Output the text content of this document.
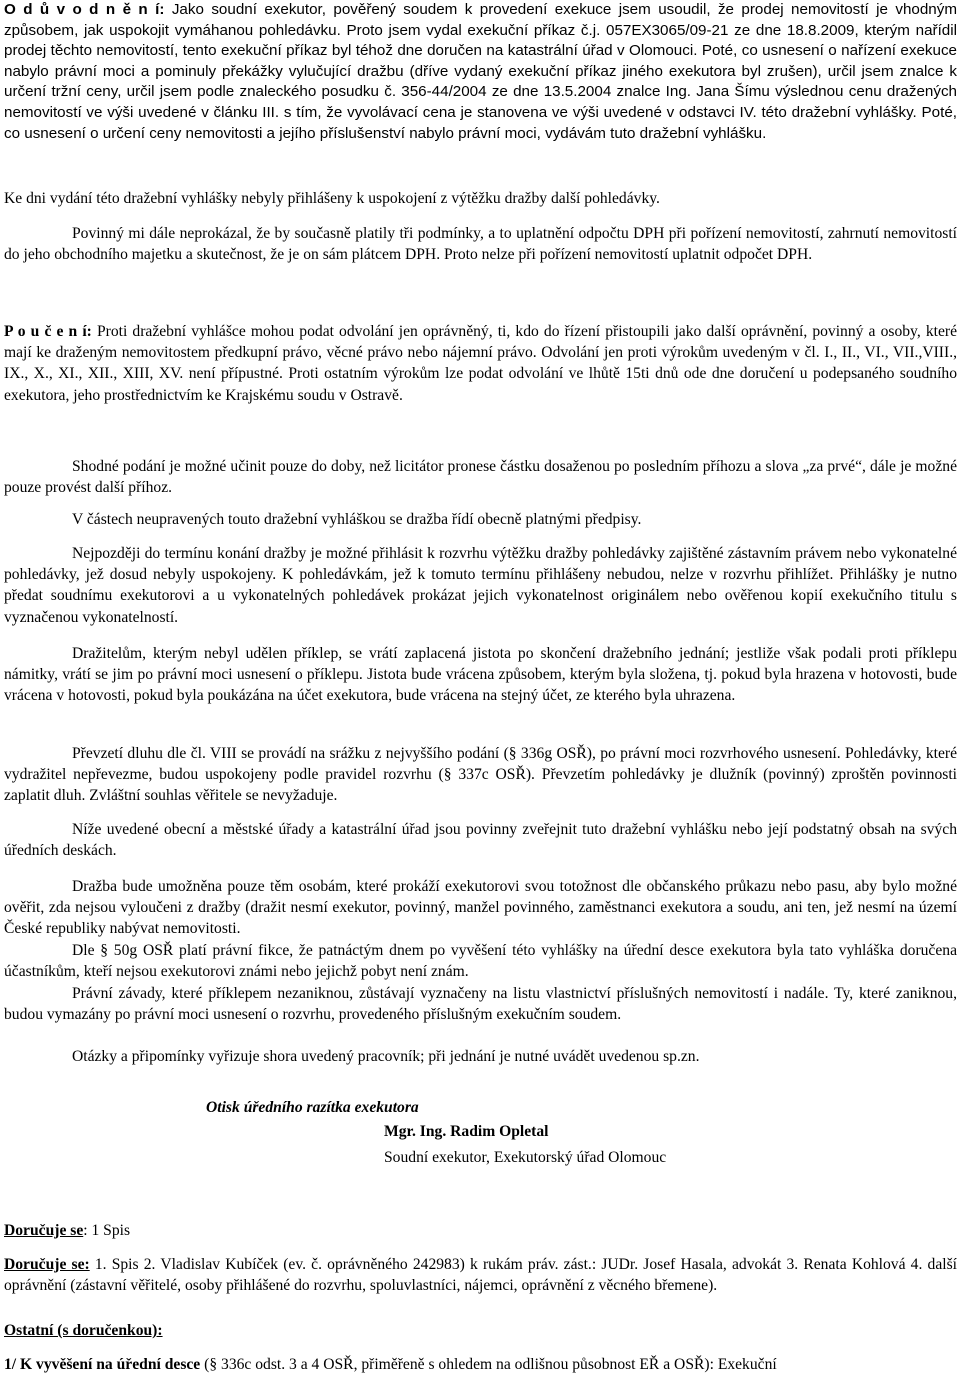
O d ů v o d n ě n í: Jako soudní exekutor, pověřený soudem k provedení exekuce jsem usoudil, že prodej nemovitostí je vhodným způsobem, jak uspokojit vymáhanou pohledávku. Proto jsem vydal exekuční příkaz č.j. 057EX3065/09-21 ze dne 18.8.2009, kterým nařídil prodej těchto nemovitostí, tento exekuční příkaz byl téhož dne doručen na katastrální úřad v Olomouci. Poté, co usnesení o nařízení exekuce nabylo právní moci a pominuly překážky vylučující dražbu (dříve vydaný exekuční příkaz jiného exekutora byl zrušen), určil jsem znalce k určení tržní ceny, určil jsem podle znaleckého posudku č. 356-44/2004 ze dne 13.5.2004 znalce Ing. Jana Šímu výslednou cenu dražených nemovitostí ve výši uvedené v článku III. s tím, že vyvolávací cena je stanovena ve výši uvedené v odstavci IV. této dražební vyhlášky. Poté, co usnesení o určení ceny nemovitosti a jejího příslušenství nabylo právní moci, vydávám tuto dražební vyhlášku.

Ke dni vydání této dražební vyhlášky nebyly přihlášeny k uspokojení z výtěžku dražby další pohledávky.

Povinný mi dále neprokázal, že by současně platily tři podmínky, a to uplatnění odpočtu DPH při pořízení nemovitostí, zahrnutí nemovitostí do jeho obchodního majetku a skutečnost, že je on sám plátcem DPH. Proto nelze při pořízení nemovitostí uplatnit odpočet DPH.

P o u č e n í: Proti dražební vyhlášce mohou podat odvolání jen oprávněný, ti, kdo do řízení přistoupili jako další oprávnění, povinný a osoby, které mají ke draženým nemovitostem předkupní právo, věcné právo nebo nájemní právo. Odvolání jen proti výrokům uvedeným v čl. I., II., VI., VII.,VIII., IX., X., XI., XII., XIII, XV. není přípustné. Proti ostatním výrokům lze podat odvolání ve lhůtě 15ti dnů ode dne doručení u podepsaného soudního exekutora, jeho prostřednictvím ke Krajskému soudu v Ostravě.

Shodné podání je možné učinit pouze do doby, než licitátor pronese částku dosaženou po posledním příhozu a slova „za prvé“, dále je možné pouze provést další příhoz.

V částech neupravených touto dražební vyhláškou se dražba řídí obecně platnými předpisy.

Nejpozději do termínu konání dražby je možné přihlásit k rozvrhu výtěžku dražby pohledávky zajištěné zástavním právem nebo vykonatelné pohledávky, jež dosud nebyly uspokojeny. K pohledávkám, jež k tomuto termínu přihlášeny nebudou, nelze v rozvrhu přihlížet. Přihlášky je nutno předat soudnímu exekutorovi a u vykonatelných pohledávek prokázat jejich vykonatelnost originálem nebo ověřenou kopií exekučního titulu s vyznačenou vykonatelností.

Dražitelům, kterým nebyl udělen příklep, se vrátí zaplacená jistota po skončení dražebního jednání; jestliže však podali proti příklepu námitky, vrátí se jim po právní moci usnesení o příklepu. Jistota bude vrácena způsobem, kterým byla složena, tj. pokud byla hrazena v hotovosti, bude vrácena v hotovosti, pokud byla poukázána na účet exekutora, bude vrácena na stejný účet, ze kterého byla uhrazena.

Převzetí dluhu dle čl. VIII se provádí na srážku z nejvyššího podání (§ 336g OSŘ), po právní moci rozvrhového usnesení. Pohledávky, které vydražitel nepřevezme, budou uspokojeny podle pravidel rozvrhu (§ 337c OSŘ). Převzetím pohledávky je dlužník (povinný) zproštěn povinnosti zaplatit dluh. Zvláštní souhlas věřitele se nevyžaduje.

Níže uvedené obecní a městské úřady a katastrální úřad jsou povinny zveřejnit tuto dražební vyhlášku nebo její podstatný obsah na svých úředních deskách.

Dražba bude umožněna pouze těm osobám, které prokáží exekutorovi svou totožnost dle občanského průkazu nebo pasu, aby bylo možné ověřit, zda nejsou vyloučeni z dražby (dražit nesmí exekutor, povinný, manžel povinného, zaměstnanci exekutora a soudu, ani ten, jež nesmí na území České republiky nabývat nemovitosti.

Dle § 50g OSŘ platí právní fikce, že patnáctým dnem po vyvěšení této vyhlášky na úřední desce exekutora byla tato vyhláška doručena účastníkům, kteří nejsou exekutorovi známi nebo jejichž pobyt není znám.

Právní závady, které příklepem nezaniknou, zůstávají vyznačeny na listu vlastnictví příslušných nemovitostí i nadále. Ty, které zaniknou, budou vymazány po právní moci usnesení o rozvrhu, provedeného příslušným exekučním soudem.

Otázky a připomínky vyřizuje shora uvedený pracovník; při jednání je nutné uvádět uvedenou sp.zn.

Otisk úředního razítka exekutora
Mgr. Ing. Radim Opletal
Soudní exekutor, Exekutorský úřad Olomouc

Doručuje se: 1 Spis

Doručuje se: 1. Spis 2. Vladislav Kubíček (ev. č. oprávněného 242983) k rukám práv. zást.: JUDr. Josef Hasala, advokát 3. Renata Kohlová 4. další oprávnění (zástavní věřitelé, osoby přihlášené do rozvrhu, spoluvlastníci, nájemci, oprávnění z věcného břemene).

Ostatní (s doručenkou):

1/ K vyvěšení na úřední desce (§ 336c odst. 3 a 4 OSŘ, přiměřeně s ohledem na odlišnou působnost EŘ a OSŘ): Exekuční
